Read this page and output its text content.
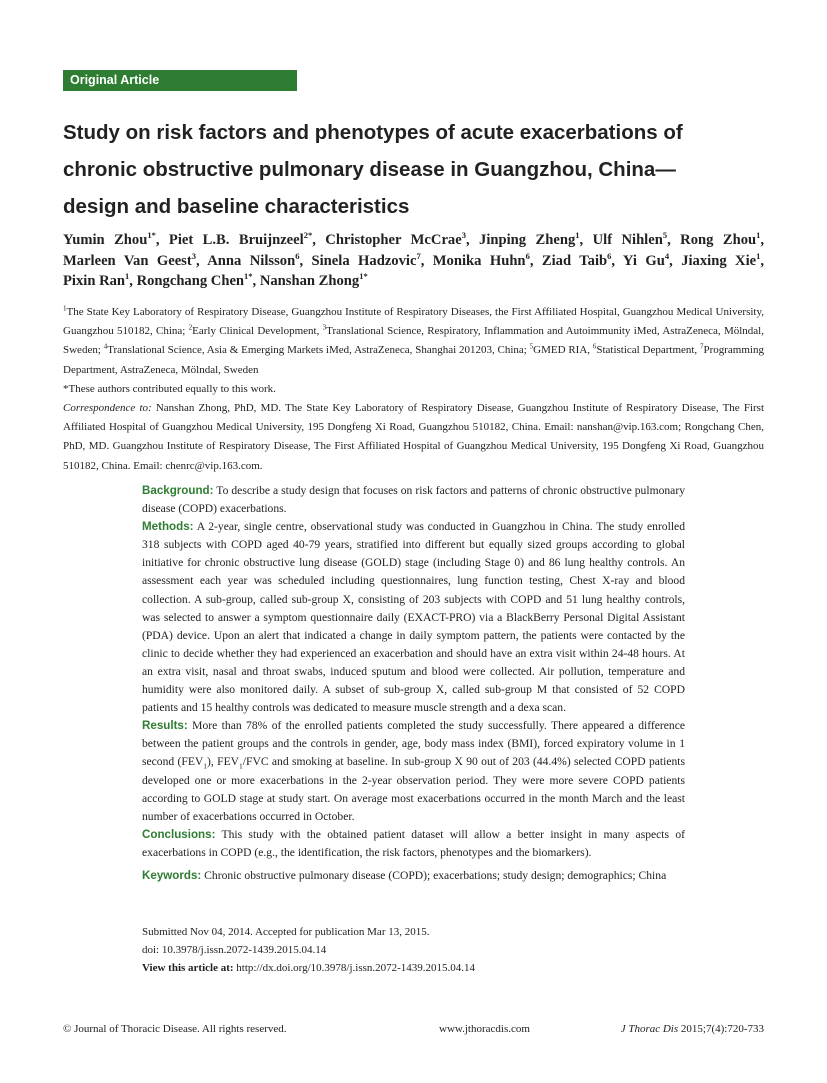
Original Article
Study on risk factors and phenotypes of acute exacerbations of
chronic obstructive pulmonary disease in Guangzhou, China—
design and baseline characteristics
Yumin Zhou$^{1*}$, Piet L.B. Bruijnzeel$^{2*}$, Christopher McCrae$^3$, Jinping Zheng$^1$, Ulf Nihlen$^5$, Rong Zhou$^1$, Marleen Van Geest$^3$, Anna Nilsson$^6$, Sinela Hadzovic$^7$, Monika Huhn$^6$, Ziad Taib$^6$, Yi Gu$^4$, Jiaxing Xie$^1$, Pixin Ran$^1$, Rongchang Chen$^{1*}$, Nanshan Zhong$^{1*}$

$^1$The State Key Laboratory of Respiratory Disease, Guangzhou Institute of Respiratory Diseases, the First Affiliated Hospital, Guangzhou Medical University, Guangzhou 510182, China; $^2$Early Clinical Development, $^3$Translational Science, Respiratory, Inflammation and Autoimmunity iMed, AstraZeneca, Mölndal, Sweden; $^4$Translational Science, Asia & Emerging Markets iMed, AstraZeneca, Shanghai 201203, China; $^5$GMED RIA, $^6$Statistical Department, $^7$Programming Department, AstraZeneca, Mölndal, Sweden

*These authors contributed equally to this work.

Correspondence to: Nanshan Zhong, PhD, MD. The State Key Laboratory of Respiratory Disease, Guangzhou Institute of Respiratory Disease, The First Affiliated Hospital of Guangzhou Medical University, 195 Dongfeng Xi Road, Guangzhou 510182, China. Email: nanshan@vip.163.com; Rongchang Chen, PhD, MD. Guangzhou Institute of Respiratory Disease, The First Affiliated Hospital of Guangzhou Medical University, 195 Dongfeng Xi Road, Guangzhou 510182, China. Email: chenrc@vip.163.com.

Background: To describe a study design that focuses on risk factors and patterns of chronic obstructive pulmonary disease (COPD) exacerbations.

Methods: A 2-year, single centre, observational study was conducted in Guangzhou in China. The study enrolled 318 subjects with COPD aged 40-79 years, stratified into different but equally sized groups according to global initiative for chronic obstructive lung disease (GOLD) stage (including Stage 0) and 86 lung healthy controls. An assessment each year was scheduled including questionnaires, lung function testing, Chest X-ray and blood collection. A sub-group, called sub-group X, consisting of 203 subjects with COPD and 51 lung healthy controls, was selected to answer a symptom questionnaire daily (EXACT-PRO) via a BlackBerry Personal Digital Assistant (PDA) device. Upon an alert that indicated a change in daily symptom pattern, the patients were contacted by the clinic to decide whether they had experienced an exacerbation and should have an extra visit within 24-48 hours. At an extra visit, nasal and throat swabs, induced sputum and blood were collected. Air pollution, temperature and humidity were also monitored daily. A subset of sub-group X, called sub-group M that consisted of 52 COPD patients and 15 healthy controls was dedicated to measure muscle strength and a dexa scan.

Results: More than 78% of the enrolled patients completed the study successfully. There appeared a difference between the patient groups and the controls in gender, age, body mass index (BMI), forced expiratory volume in 1 second $(FEV_1)$, $FEV_1$/FVC and smoking at baseline. In sub-group X 90 out of 203 (44.4%) selected COPD patients developed one or more exacerbations in the 2-year observation period. They were more severe COPD patients according to GOLD stage at study start. On average most exacerbations occurred in the month March and the least number of exacerbations occurred in October.

Conclusions: This study with the obtained patient dataset will allow a better insight in many aspects of exacerbations in COPD (e.g., the identification, the risk factors, phenotypes and the biomarkers).

Keywords: Chronic obstructive pulmonary disease (COPD); exacerbations; study design; demographics; China

Submitted Nov 04, 2014. Accepted for publication Mar 13, 2015.
doi: 10.3978/j.issn.2072-1439.2015.04.14
View this article at: http://dx.doi.org/10.3978/j.issn.2072-1439.2015.04.14
© Journal of Thoracic Disease. All rights reserved.	www.jthoracdis.com	J Thorac Dis 2015;7(4):720-733
